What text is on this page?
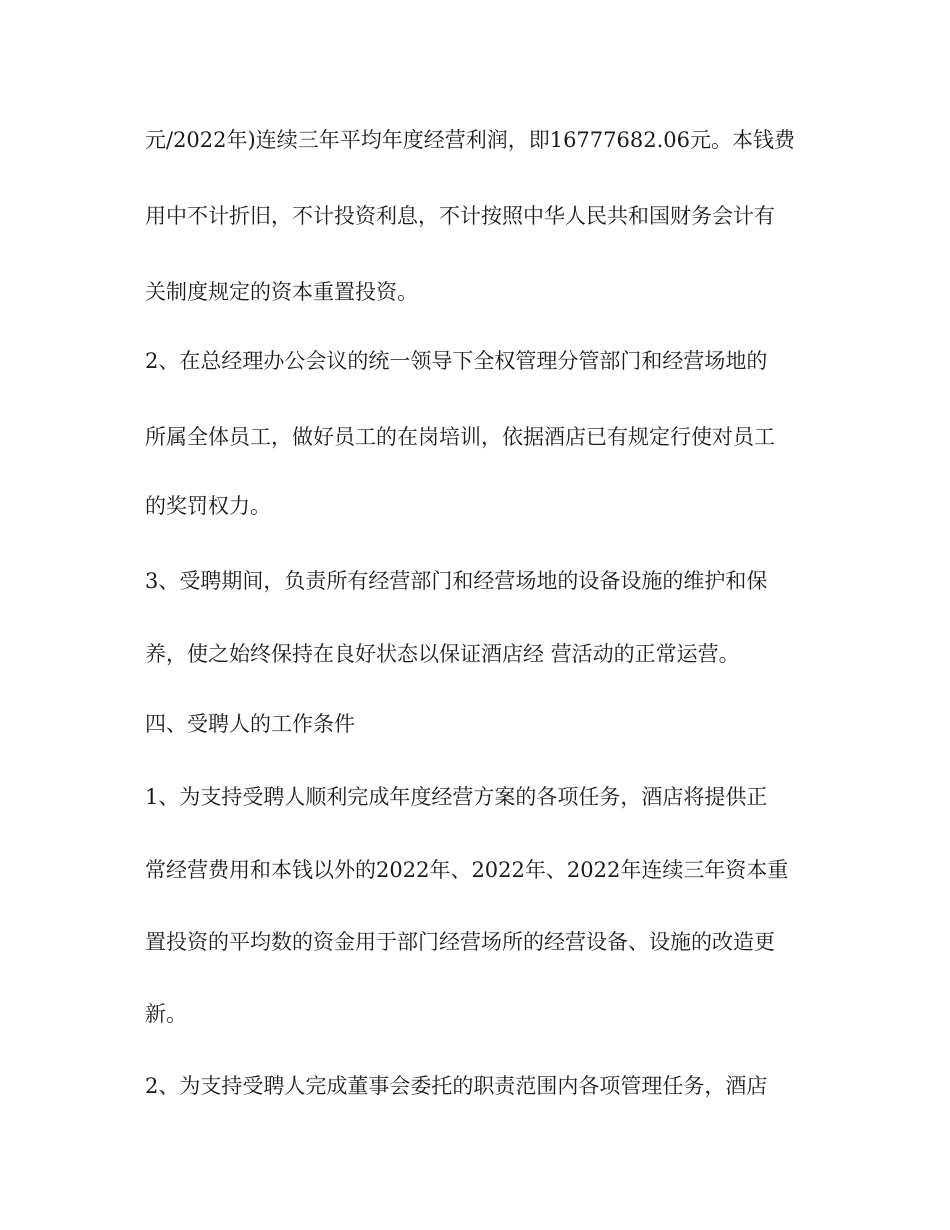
元/2022年)连续三年平均年度经营利润，即16777682.06元。本钱费

用中不计折旧，不计投资利息，不计按照中华人民共和国财务会计有

关制度规定的资本重置投资。

2、在总经理办公会议的统一领导下全权管理分管部门和经营场地的

所属全体员工，做好员工的在岗培训，依据酒店已有规定行使对员工

的奖罚权力。

3、受聘期间，负责所有经营部门和经营场地的设备设施的维护和保

养，使之始终保持在良好状态以保证酒店经 营活动的正常运营。

四、受聘人的工作条件

1、为支持受聘人顺利完成年度经营方案的各项任务，酒店将提供正

常经营费用和本钱以外的2022年、2022年、2022年连续三年资本重

置投资的平均数的资金用于部门经营场所的经营设备、设施的改造更

新。

2、为支持受聘人完成董事会委托的职责范围内各项管理任务，酒店
